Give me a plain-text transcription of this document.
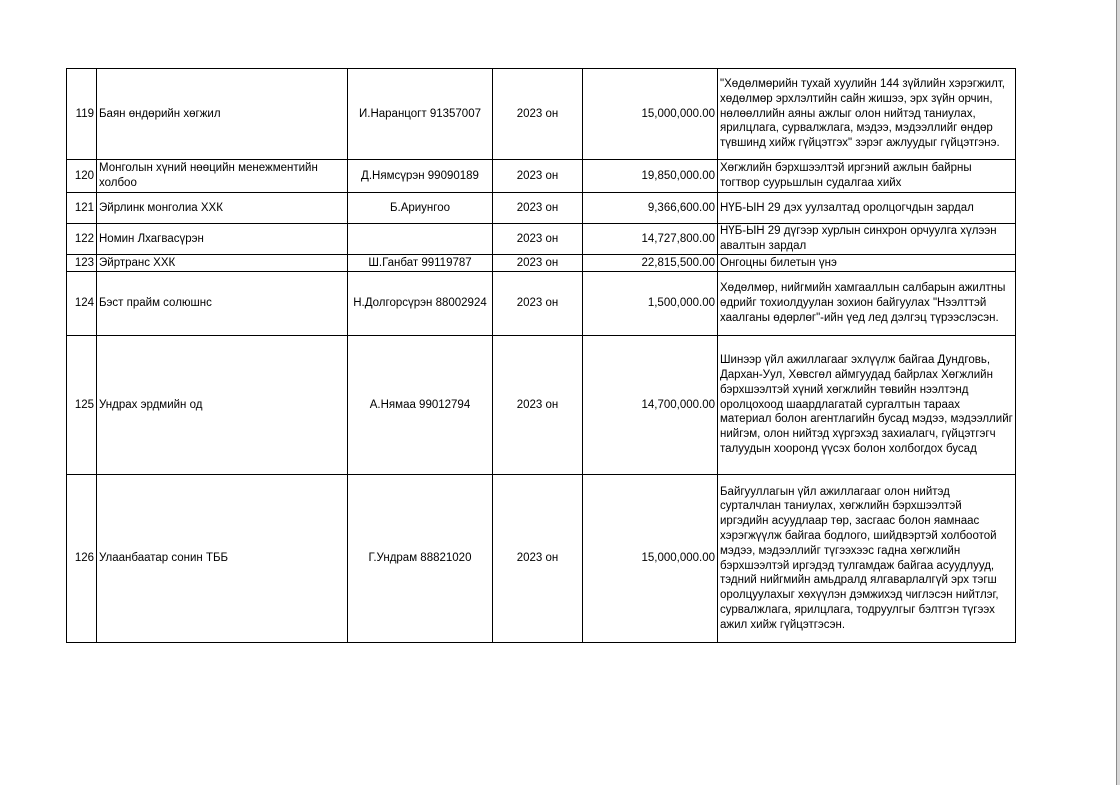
119	Баян өндөрийн хөгжил	И.Наранцогт 91357007	2023 он	15,000,000.00	"Хөдөлмөрийн тухай хуулийн 144 зүйлийн хэрэгжилт, хөдөлмөр эрхлэлтийн сайн жишээ, эрх зүйн орчин, нөлөөллийн аяны ажлыг олон нийтэд таниулах, ярилцлага, сурвалжлага, мэдээ, мэдээллийг өндөр түвшинд хийж гүйцэтгэх" зэрэг ажлуудыг гүйцэтгэнэ.
120	Монголын хүний нөөцийн менежментийн холбоо	Д.Нямсүрэн 99090189	2023 он	19,850,000.00	Хөгжлийн бэрхшээлтэй иргэний ажлын байрны тогтвор суурьшлын судалгаа хийх
121	Эйрлинк монголиа ХХК	Б.Ариунгоо	2023 он	9,366,600.00	НҮБ-ЫН 29 дэх уулзалтад оролцогчдын зардал
122	Номин Лхагвасүрэн		2023 он	14,727,800.00	НҮБ-ЫН 29 дүгээр хурлын синхрон орчуулга хүлээн авалтын зардал
123	Эйртранс ХХК	Ш.Ганбат 99119787	2023 он	22,815,500.00	Онгоцны билетын үнэ
124	Бэст прайм солюшнс	Н.Долгорсүрэн 88002924	2023 он	1,500,000.00	Хөдөлмөр, нийгмийн хамгааллын салбарын ажилтны өдрийг тохиолдуулан зохион байгуулах "Нээлттэй хаалганы өдөрлөг"-ийн үед лед дэлгэц түрээслэсэн.
125	Ундрах эрдмийн од	А.Нямаа 99012794	2023 он	14,700,000.00	Шинээр үйл ажиллагааг эхлүүлж байгаа Дундговь, Дархан-Уул, Хөвсгөл аймгуудад байрлах Хөгжлийн бэрхшээлтэй хүний хөгжлийн төвийн нээлтэнд оролцохоод шаардлагатай сургалтын тараах материал болон агентлагийн бусад мэдээ, мэдээллийг нийгэм, олон нийтэд хүргэхэд захиалагч, гүйцэтгэгч талуудын хооронд үүсэх болон холбогдох бусад
126	Улаанбаатар сонин ТББ	Г.Ундрам 88821020	2023 он	15,000,000.00	Байгууллагын үйл ажиллагааг олон нийтэд сурталчлан таниулах, хөгжлийн бэрхшээлтэй иргэдийн асуудлаар төр, засгаас болон яамнаас хэрэгжүүлж байгаа бодлого, шийдвэртэй холбоотой мэдээ, мэдээллийг түгээхээс гадна хөгжлийн бэрхшээлтэй иргэдэд тулгамдаж байгаа асуудлууд, тэдний нийгмийн амьдралд ялгаварлалгүй эрх тэгш оролцуулахыг хөхүүлэн дэмжихэд чиглэсэн нийтлэг, сурвалжлага, ярилцлага, тодруулгыг бэлтгэн түгээх ажил хийж гүйцэтгэсэн.
